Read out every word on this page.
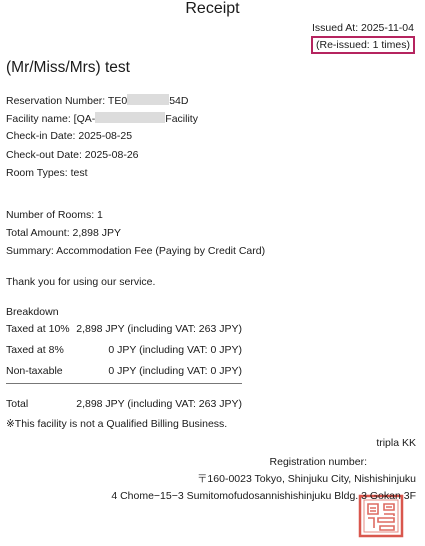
Receipt
Issued At: 2025-11-04
(Re-issued: 1 times)
(Mr/Miss/Mrs) test
Reservation Number: TE0	54D
Facility name: [QA-	Facility
Check-in Date: 2025-08-25
Check-out Date: 2025-08-26
Room Types: test
Number of Rooms: 1
Total Amount: 2,898 JPY
Summary: Accommodation Fee (Paying by Credit Card)
Thank you for using our service.
Breakdown
Taxed at 10% 2,898 JPY (including VAT: 263 JPY)
Taxed at 8%	0 JPY (including VAT: 0 JPY)
Non-taxable	0 JPY (including VAT: 0 JPY)
Total	2,898 JPY (including VAT: 263 JPY)
※This facility is not a Qualified Billing Business.
tripla KK
Registration number:
〒160-0023 Tokyo, Shinjuku City, Nishishinjuku
4 Chome−15−3 Sumitomofudosannishishinjuku Bldg. 3 Gokan 3F
